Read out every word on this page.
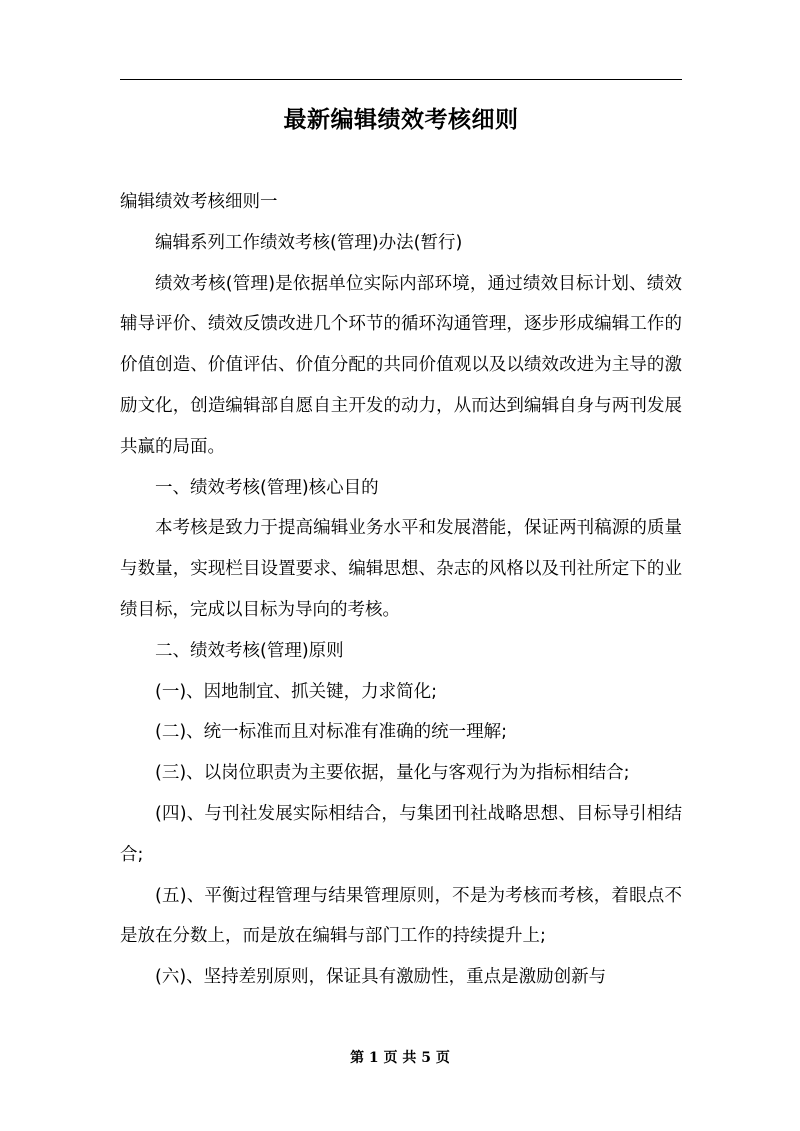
最新编辑绩效考核细则

编辑绩效考核细则一

编辑系列工作绩效考核(管理)办法(暂行)

绩效考核(管理)是依据单位实际内部环境，通过绩效目标计划、绩效辅导评价、绩效反馈改进几个环节的循环沟通管理，逐步形成编辑工作的价值创造、价值评估、价值分配的共同价值观以及以绩效改进为主导的激励文化，创造编辑部自愿自主开发的动力，从而达到编辑自身与两刊发展共赢的局面。

一、绩效考核(管理)核心目的

本考核是致力于提高编辑业务水平和发展潜能，保证两刊稿源的质量与数量，实现栏目设置要求、编辑思想、杂志的风格以及刊社所定下的业绩目标，完成以目标为导向的考核。

二、绩效考核(管理)原则

(一)、因地制宜、抓关键，力求简化;

(二)、统一标准而且对标准有准确的统一理解;

(三)、以岗位职责为主要依据，量化与客观行为为指标相结合;

(四)、与刊社发展实际相结合，与集团刊社战略思想、目标导引相结合;

(五)、平衡过程管理与结果管理原则，不是为考核而考核，着眼点不是放在分数上，而是放在编辑与部门工作的持续提升上;

(六)、坚持差别原则，保证具有激励性，重点是激励创新与

第 1 页 共 5 页
